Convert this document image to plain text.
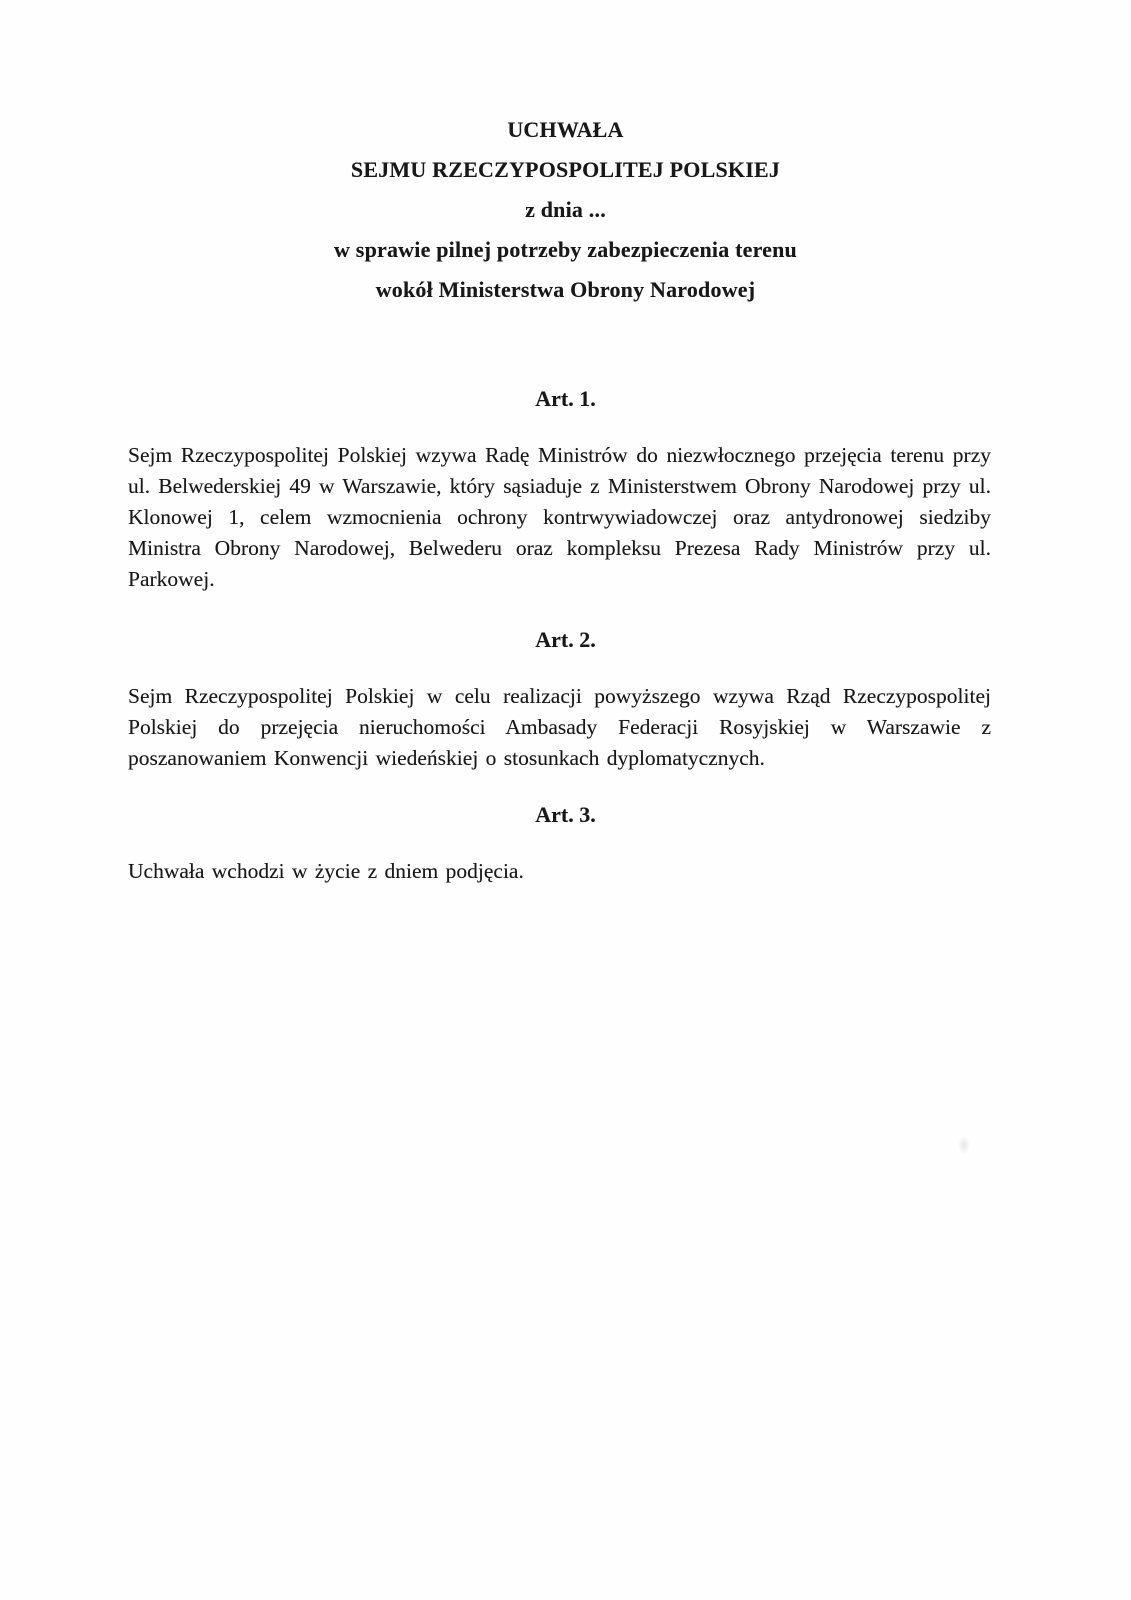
UCHWAŁA
SEJMU RZECZYPOSPOLITEJ POLSKIEJ
z dnia ...
w sprawie pilnej potrzeby zabezpieczenia terenu
wokół Ministerstwa Obrony Narodowej
Art. 1.

Sejm Rzeczypospolitej Polskiej wzywa Radę Ministrów do niezwłocznego przejęcia terenu przy ul. Belwederskiej 49 w Warszawie, który sąsiaduje z Ministerstwem Obrony Narodowej przy ul. Klonowej 1, celem wzmocnienia ochrony kontrwywiadowczej oraz antydronowej siedziby Ministra Obrony Narodowej, Belwederu oraz kompleksu Prezesa Rady Ministrów przy ul. Parkowej.

Art. 2.

Sejm Rzeczypospolitej Polskiej w celu realizacji powyższego wzywa Rząd Rzeczypospolitej Polskiej do przejęcia nieruchomości Ambasady Federacji Rosyjskiej w Warszawie z poszanowaniem Konwencji wiedeńskiej o stosunkach dyplomatycznych.

Art. 3.

Uchwała wchodzi w życie z dniem podjęcia.
